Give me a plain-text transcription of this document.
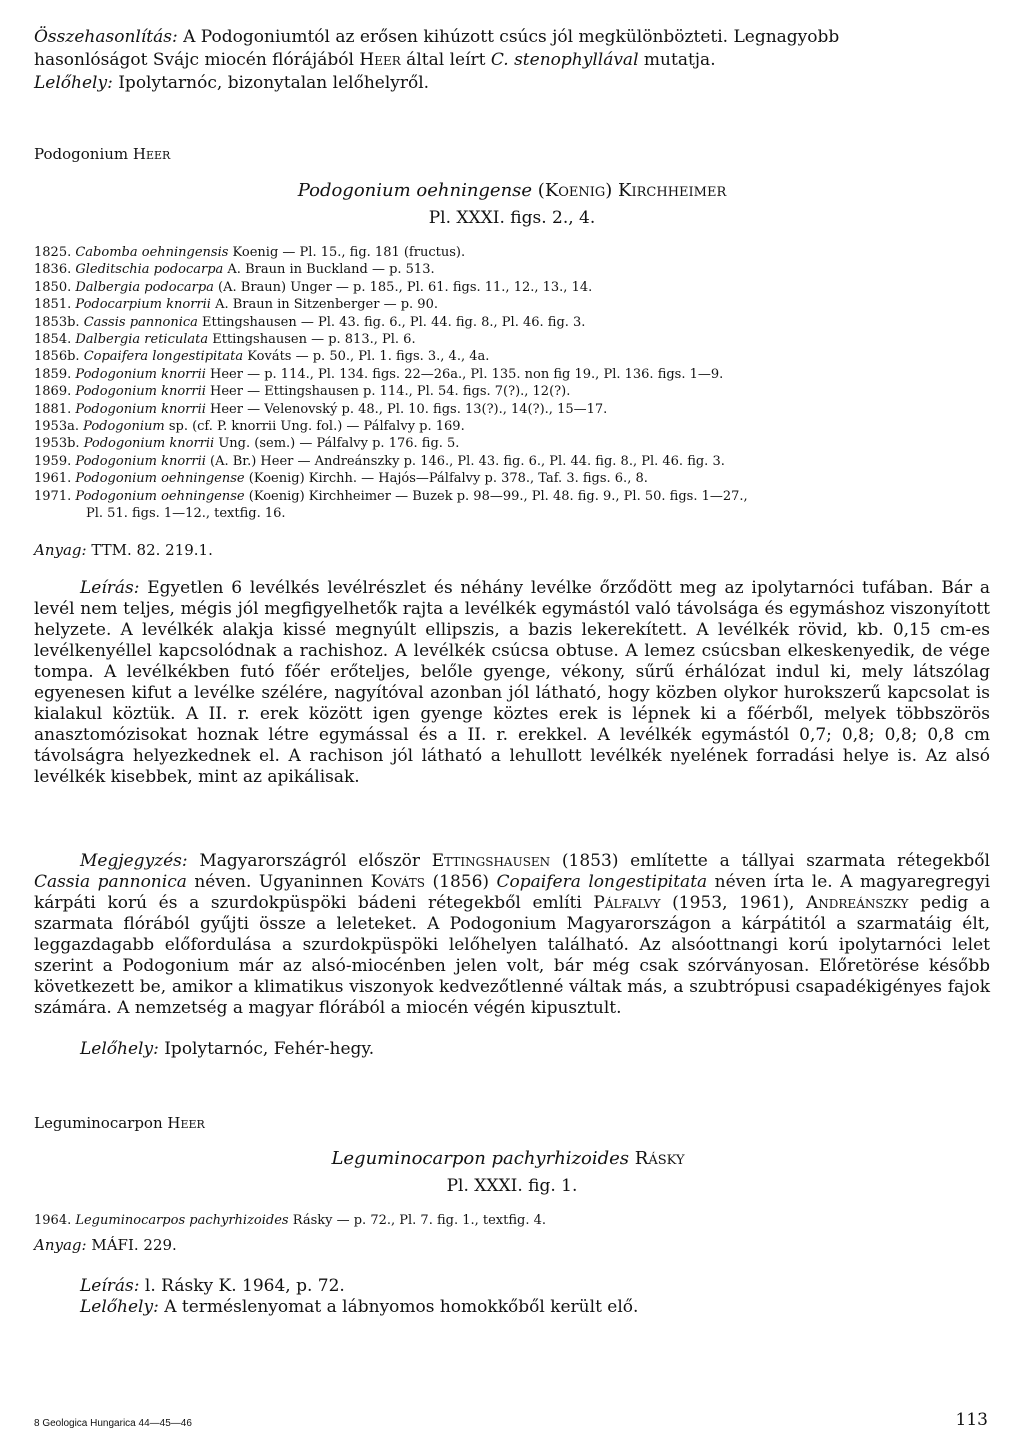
Összehasonlítás: A Podogoniumtól az erősen kihúzott csúcs jól megkülönbözteti. Legnagyobb
hasonlóságot Svájc miocén flórájából Heer által leírt C. stenophyllával mutatja.
Lelőhely: Ipolytarnóc, bizonytalan lelőhelyről.
Podogonium Heer
Podogonium oehningense (Koenig) Kirchheimer
Pl. XXXI. figs. 2., 4.
1825. Cabomba oehningensis Koenig — Pl. 15., fig. 181 (fructus).
1836. Gleditschia podocarpa A. Braun in Buckland — p. 513.
1850. Dalbergia podocarpa (A. Braun) Unger — p. 185., Pl. 61. figs. 11., 12., 13., 14.
1851. Podocarpium knorrii A. Braun in Sitzenberger — p. 90.
1853b. Cassis pannonica Ettingshausen — Pl. 43. fig. 6., Pl. 44. fig. 8., Pl. 46. fig. 3.
1854. Dalbergia reticulata Ettingshausen — p. 813., Pl. 6.
1856b. Copaifera longestipitata Kováts — p. 50., Pl. 1. figs. 3., 4., 4a.
1859. Podogonium knorrii Heer — p. 114., Pl. 134. figs. 22—26a., Pl. 135. non fig 19., Pl. 136. figs. 1—9.
1869. Podogonium knorrii Heer — Ettingshausen p. 114., Pl. 54. figs. 7(?)., 12(?).
1881. Podogonium knorrii Heer — Velenovský p. 48., Pl. 10. figs. 13(?)., 14(?)., 15—17.
1953a. Podogonium sp. (cf. P. knorrii Ung. fol.) — Pálfalvy p. 169.
1953b. Podogonium knorrii Ung. (sem.) — Pálfalvy p. 176. fig. 5.
1959. Podogonium knorrii (A. Br.) Heer — Andreánszky p. 146., Pl. 43. fig. 6., Pl. 44. fig. 8., Pl. 46. fig. 3.
1961. Podogonium oehningense (Koenig) Kirchh. — Hajós—Pálfalvy p. 378., Taf. 3. figs. 6., 8.
1971. Podogonium oehningense (Koenig) Kirchheimer — Buzek p. 98—99., Pl. 48. fig. 9., Pl. 50. figs. 1—27.,
Pl. 51. figs. 1—12., textfig. 16.
Anyag: TTM. 82. 219.1.
Leírás: Egyetlen 6 levélkés levélrészlet és néhány levélke őrződött meg az ipolytarnóci tufában. Bár a levél nem teljes, mégis jól megfigyelhetők rajta a levélkék egymástól való távolsága és egymáshoz viszonyított helyzete. A levélkék alakja kissé megnyúlt ellipszis, a bazis lekerekített. A levélkék rövid, kb. 0,15 cm-es levélkenyéllel kapcsolódnak a rachishoz. A levélkék csúcsa obtuse. A lemez csúcsban elkeskenyedik, de vége tompa. A levélkékben futó főér erőteljes, belőle gyenge, vékony, sűrű érhálózat indul ki, mely látszólag egyenesen kifut a levélke szélére, nagyítóval azonban jól látható, hogy közben olykor hurokszerű kapcsolat is kialakul köztük. A II. r. erek között igen gyenge köztes erek is lépnek ki a főérből, melyek többszörös anasztomózisokat hoznak létre egymással és a II. r. erekkel. A levélkék egymástól 0,7; 0,8; 0,8; 0,8 cm távolságra helyezkednek el. A rachison jól látható a lehullott levélkék nyelének forradási helye is. Az alsó levélkék kisebbek, mint az apikálisak.
Megjegyzés: Magyarországról először Ettingshausen (1853) említette a tállyai szarmata rétegekből Cassia pannonica néven. Ugyaninnen Kováts (1856) Copaifera longestipitata néven írta le. A magyaregregyi kárpáti korú és a szurdokpüspöki bádeni rétegekből említi Pálfalvy (1953, 1961), Andreánszky pedig a szarmata flórából gyűjti össze a leleteket. A Podogonium Magyarországon a kárpátitól a szarmatáig élt, leggazdagabb előfordulása a szurdokpüspöki lelőhelyen található. Az alsóottnangi korú ipolytarnóci lelet szerint a Podogonium már az alsó-miocénben jelen volt, bár még csak szórványosan. Előretörése később következett be, amikor a klimatikus viszonyok kedvezőtlenné váltak más, a szubtrópusi csapadékigényes fajok számára. A nemzetség a magyar flórából a miocén végén kipusztult.
Lelőhely: Ipolytarnóc, Fehér-hegy.
Leguminocarpon Heer
Leguminocarpon pachyrhizoides Rásky
Pl. XXXI. fig. 1.
1964. Leguminocarpos pachyrhizoides Rásky — p. 72., Pl. 7. fig. 1., textfig. 4.
Anyag: MÁFI. 229.
Leírás: l. Rásky K. 1964, p. 72.
Lelőhely: A terméslenyomat a lábnyomos homokkőből került elő.
8 Geologica Hungarica 44—45—46	113
